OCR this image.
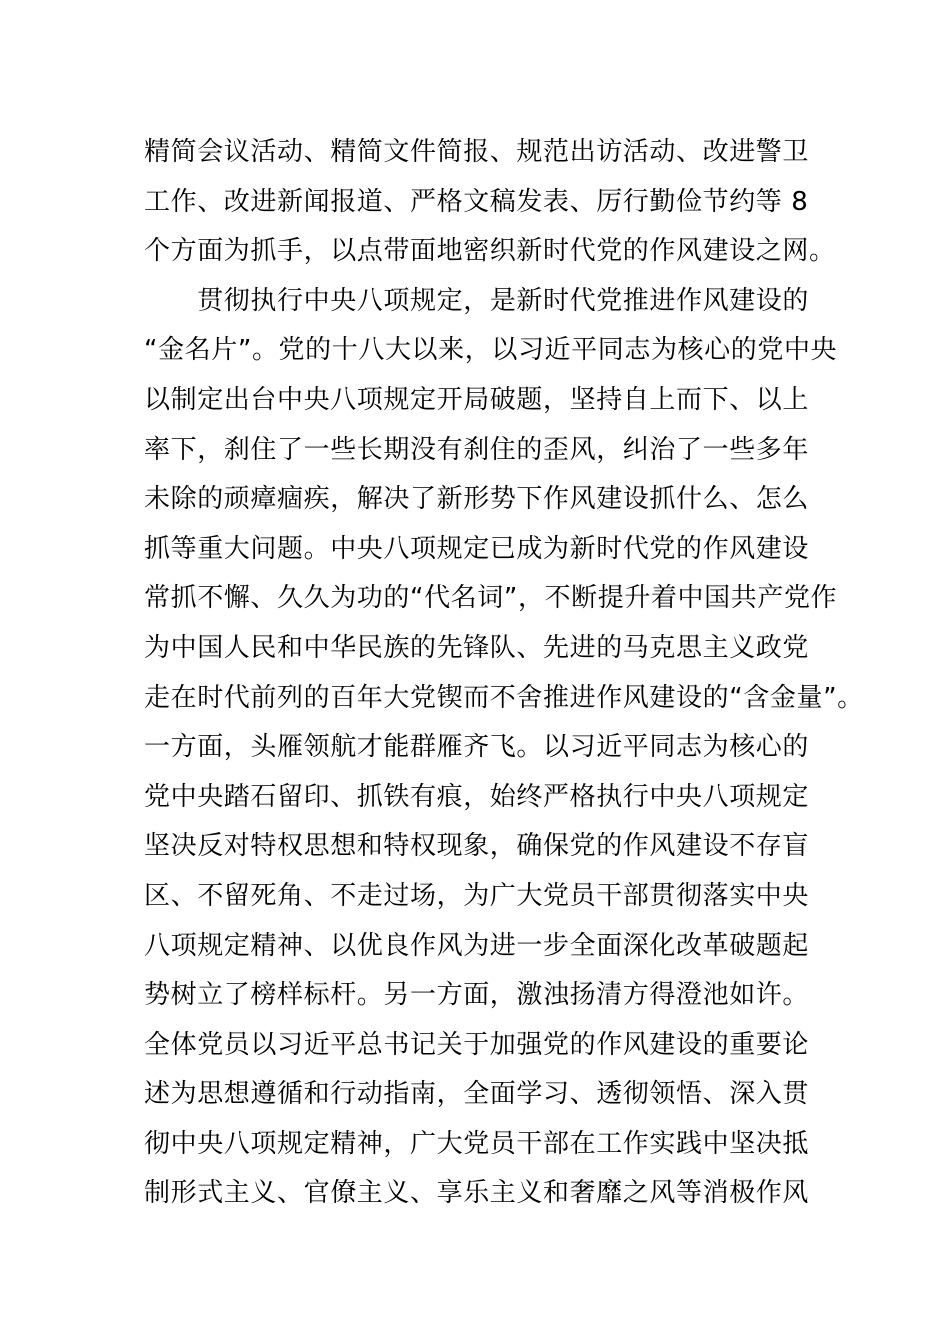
精简会议活动、精简文件简报、规范出访活动、改进警卫
工作、改进新闻报道、严格文稿发表、厉行勤俭节约等 8
个方面为抓手，以点带面地密织新时代党的作风建设之网。
　　贯彻执行中央八项规定，是新时代党推进作风建设的
“金名片”。党的十八大以来，以习近平同志为核心的党中央
以制定出台中央八项规定开局破题，坚持自上而下、以上
率下，刹住了一些长期没有刹住的歪风，纠治了一些多年
未除的顽瘴痼疾，解决了新形势下作风建设抓什么、怎么
抓等重大问题。中央八项规定已成为新时代党的作风建设
常抓不懈、久久为功的“代名词”，不断提升着中国共产党作
为中国人民和中华民族的先锋队、先进的马克思主义政党
走在时代前列的百年大党锲而不舍推进作风建设的“含金量”。
一方面，头雁领航才能群雁齐飞。以习近平同志为核心的
党中央踏石留印、抓铁有痕，始终严格执行中央八项规定
坚决反对特权思想和特权现象，确保党的作风建设不存盲
区、不留死角、不走过场，为广大党员干部贯彻落实中央
八项规定精神、以优良作风为进一步全面深化改革破题起
势树立了榜样标杆。另一方面，激浊扬清方得澄池如许。
全体党员以习近平总书记关于加强党的作风建设的重要论
述为思想遵循和行动指南，全面学习、透彻领悟、深入贯
彻中央八项规定精神，广大党员干部在工作实践中坚决抵
制形式主义、官僚主义、享乐主义和奢靡之风等消极作风
